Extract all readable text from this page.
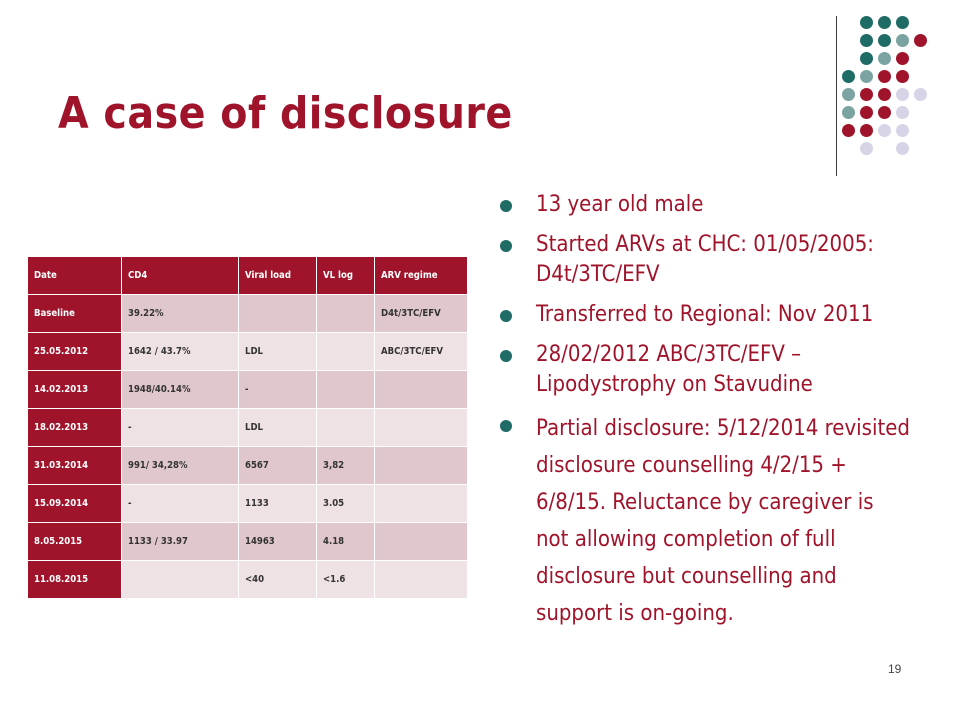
A case of disclosure
Date	CD4	Viral load	VL log	ARV regime
Baseline	39.22%			D4t/3TC/EFV
25.05.2012	1642 / 43.7%	LDL		ABC/3TC/EFV
14.02.2013	1948/40.14%	-		
18.02.2013	-	LDL		
31.03.2014	991/ 34,28%	6567	3,82	
15.09.2014	-	1133	3.05	
8.05.2015	1133 / 33.97	14963	4.18	
11.08.2015		<40	<1.6	
13 year old male
Started ARVs at CHC: 01/05/2005: D4t/3TC/EFV
Transferred to Regional: Nov 2011
28/02/2012 ABC/3TC/EFV – Lipodystrophy on Stavudine
Partial disclosure: 5/12/2014 revisited disclosure counselling 4/2/15 + 6/8/15. Reluctance by caregiver is not allowing completion of full disclosure but counselling and support is on-going.
19
